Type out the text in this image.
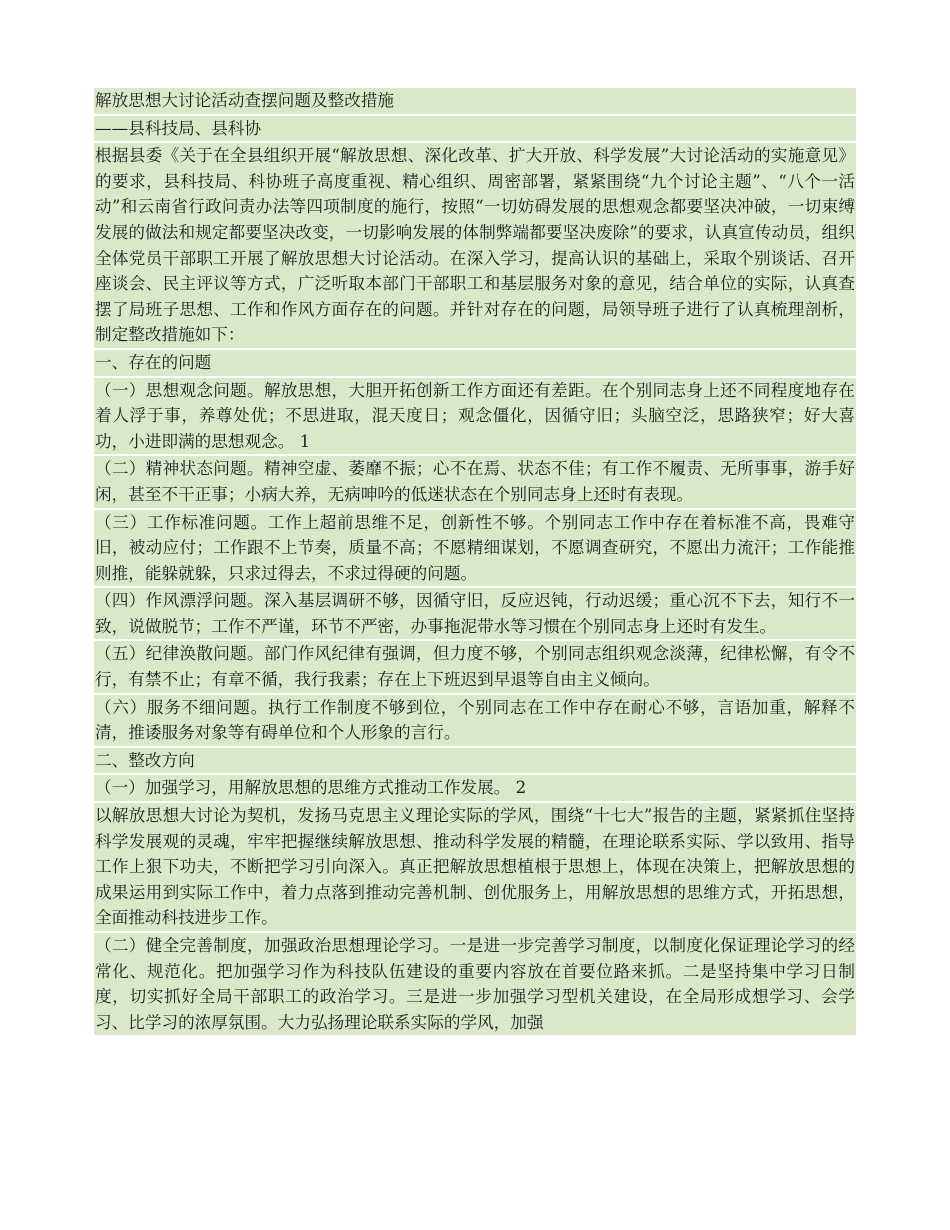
解放思想大讨论活动查摆问题及整改措施

——县科技局、县科协

根据县委《关于在全县组织开展“解放思想、深化改革、扩大开放、科学发展”大讨论活动的实施意见》的要求，县科技局、科协班子高度重视、精心组织、周密部署，紧紧围绕“九个讨论主题”、“八个一活动”和云南省行政问责办法等四项制度的施行，按照“一切妨碍发展的思想观念都要坚决冲破，一切束缚发展的做法和规定都要坚决改变，一切影响发展的体制弊端都要坚决废除”的要求，认真宣传动员，组织全体党员干部职工开展了解放思想大讨论活动。在深入学习，提高认识的基础上，采取个别谈话、召开座谈会、民主评议等方式，广泛听取本部门干部职工和基层服务对象的意见，结合单位的实际，认真查摆了局班子思想、工作和作风方面存在的问题。并针对存在的问题，局领导班子进行了认真梳理剖析，制定整改措施如下：

一、存在的问题

（一）思想观念问题。解放思想，大胆开拓创新工作方面还有差距。在个别同志身上还不同程度地存在着人浮于事，养尊处优；不思进取，混天度日；观念僵化，因循守旧；头脑空泛，思路狭窄；好大喜功，小进即满的思想观念。 1

（二）精神状态问题。精神空虚、萎靡不振；心不在焉、状态不佳；有工作不履责、无所事事，游手好闲，甚至不干正事；小病大养，无病呻吟的低迷状态在个别同志身上还时有表现。

（三）工作标准问题。工作上超前思维不足，创新性不够。个别同志工作中存在着标准不高，畏难守旧，被动应付；工作跟不上节奏，质量不高；不愿精细谋划，不愿调查研究，不愿出力流汗；工作能推则推，能躲就躲，只求过得去，不求过得硬的问题。

（四）作风漂浮问题。深入基层调研不够，因循守旧，反应迟钝，行动迟缓；重心沉不下去，知行不一致，说做脱节；工作不严谨，环节不严密，办事拖泥带水等习惯在个别同志身上还时有发生。

（五）纪律涣散问题。部门作风纪律有强调，但力度不够，个别同志组织观念淡薄，纪律松懈，有令不行，有禁不止；有章不循，我行我素；存在上下班迟到早退等自由主义倾向。

（六）服务不细问题。执行工作制度不够到位，个别同志在工作中存在耐心不够，言语加重，解释不清，推诿服务对象等有碍单位和个人形象的言行。

二、整改方向

（一）加强学习，用解放思想的思维方式推动工作发展。 2

以解放思想大讨论为契机，发扬马克思主义理论实际的学风，围绕“十七大”报告的主题，紧紧抓住坚持科学发展观的灵魂，牢牢把握继续解放思想、推动科学发展的精髓，在理论联系实际、学以致用、指导工作上狠下功夫，不断把学习引向深入。真正把解放思想植根于思想上，体现在决策上，把解放思想的成果运用到实际工作中，着力点落到推动完善机制、创优服务上，用解放思想的思维方式，开拓思想，全面推动科技进步工作。

（二）健全完善制度，加强政治思想理论学习。一是进一步完善学习制度，以制度化保证理论学习的经常化、规范化。把加强学习作为科技队伍建设的重要内容放在首要位路来抓。二是坚持集中学习日制度，切实抓好全局干部职工的政治学习。三是进一步加强学习型机关建设，在全局形成想学习、会学习、比学习的浓厚氛围。大力弘扬理论联系实际的学风，加强
